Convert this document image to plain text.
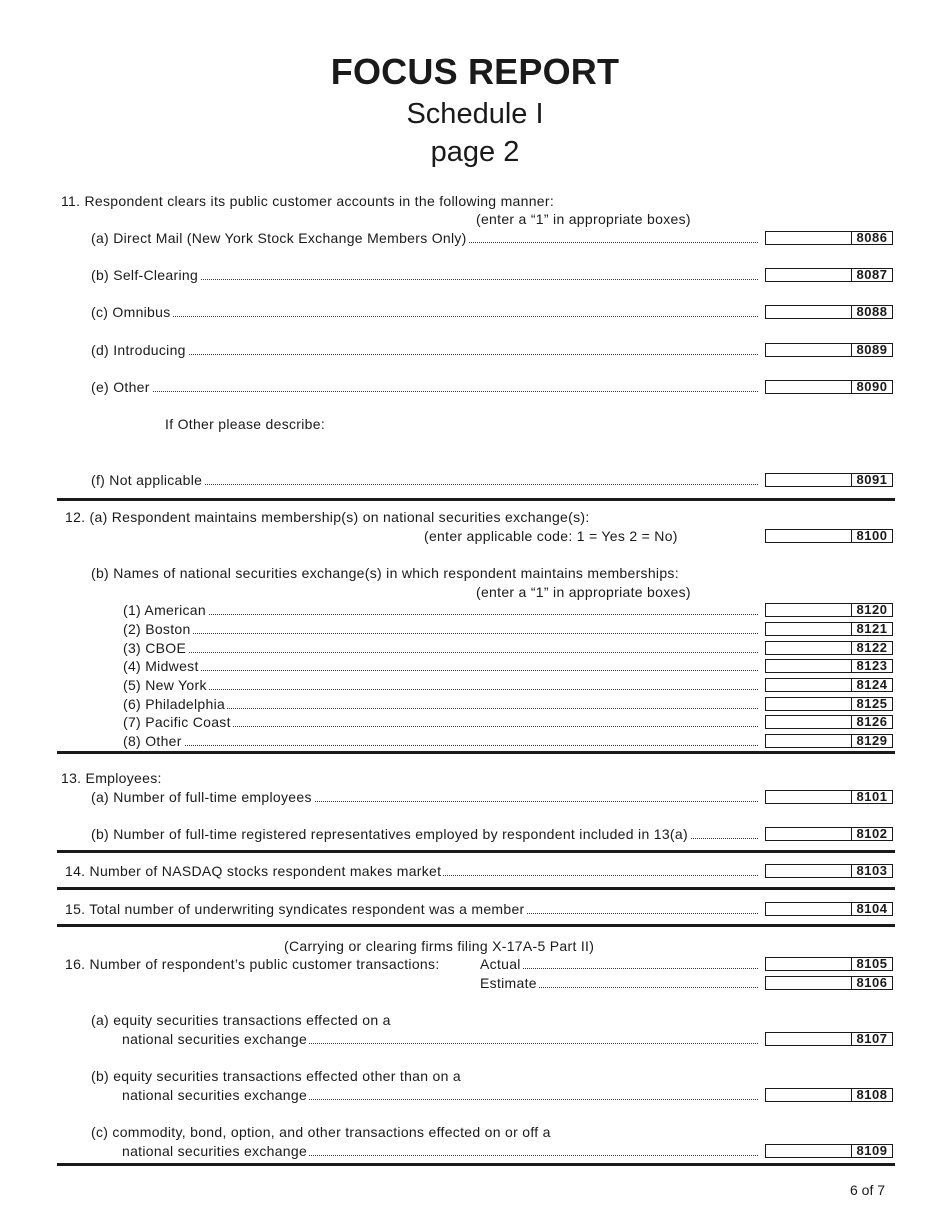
FOCUS REPORT
Schedule I
page 2
11. Respondent clears its public customer accounts in the following manner:
(enter a “1” in appropriate boxes)
(a) Direct Mail (New York Stock Exchange Members Only)	8086
(b) Self-Clearing	8087
(c) Omnibus	8088
(d) Introducing	8089
(e) Other	8090
If Other please describe:
(f) Not applicable	8091
12. (a) Respondent maintains membership(s) on national securities exchange(s):
(enter applicable code: 1 = Yes 2 = No)	8100
(b) Names of national securities exchange(s) in which respondent maintains memberships:
(enter a “1” in appropriate boxes)
(1) American	8120
(2) Boston	8121
(3) CBOE	8122
(4) Midwest	8123
(5) New York	8124
(6) Philadelphia	8125
(7) Pacific Coast	8126
(8) Other	8129
13. Employees:
(a) Number of full-time employees	8101
(b) Number of full-time registered representatives employed by respondent included in 13(a)	8102
14. Number of NASDAQ stocks respondent makes market	8103
15. Total number of underwriting syndicates respondent was a member	8104
(Carrying or clearing firms filing X-17A-5 Part II)
16. Number of respondent’s public customer transactions:	Actual	8105
Estimate	8106
(a) equity securities transactions effected on a
national securities exchange	8107
(b) equity securities transactions effected other than on a
national securities exchange	8108
(c) commodity, bond, option, and other transactions effected on or off a
national securities exchange	8109
6 of 7
